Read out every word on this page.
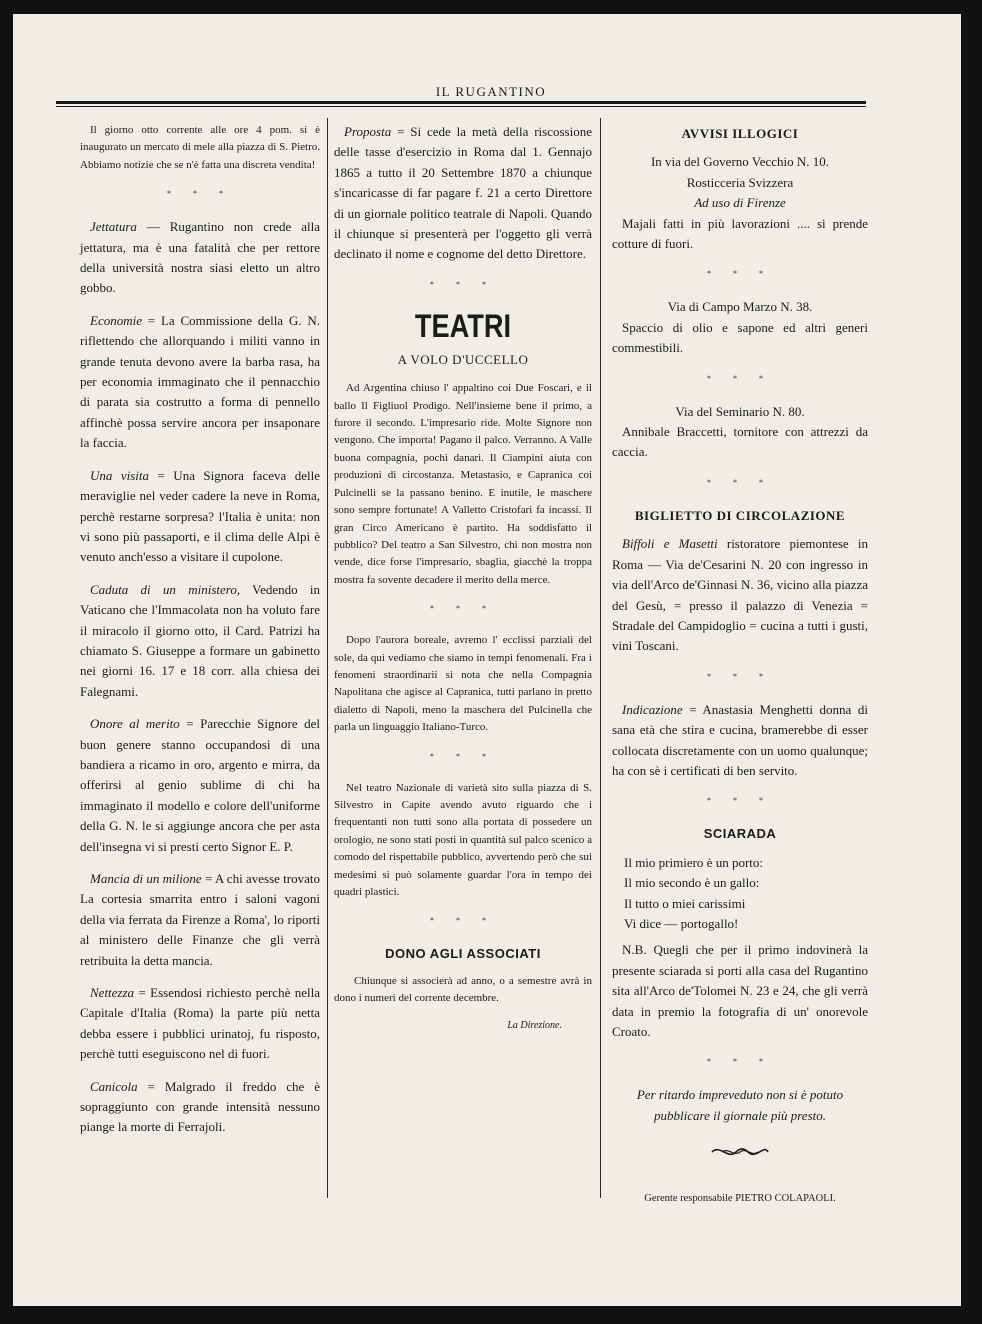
IL RUGANTINO

Il giorno otto corrente alle ore 4 pom. si è inaugurato un mercato di mele alla piazza di S. Pietro. Abbiamo notizie che se n'è fatta una discreta vendita!

* * *

Jettatura — Rugantino non crede alla jettatura, ma è una fatalità che per rettore della università nostra siasi eletto un altro gobbo.

Economie = La Commissione della G. N. riflettendo che allorquando i militi vanno in grande tenuta devono avere la barba rasa, ha per economia immaginato che il pennacchio di parata sia costrutto a forma di pennello affinchè possa servire ancora per insaponare la faccia.

Una visita = Una Signora faceva delle meraviglie nel veder cadere la neve in Roma, perchè restarne sorpresa? l'Italia è unita: non vi sono più passaporti, e il clima delle Alpi è venuto anch'esso a visitare il cupolone.

Caduta di un ministero, Vedendo in Vaticano che l'Immacolata non ha voluto fare il miracolo il giorno otto, il Card. Patrizi ha chiamato S. Giuseppe a formare un gabinetto nei giorni 16. 17 e 18 corr. alla chiesa dei Falegnami.

Onore al merito = Parecchie Signore del buon genere stanno occupandosi di una bandiera a ricamo in oro, argento e mirra, da offerirsi al genio sublime di chi ha immaginato il modello e colore dell'uniforme della G. N. le si aggiunge ancora che per asta dell'insegna vi si presti certo Signor E. P.

Mancia di un milione = A chi avesse trovato La cortesia smarrita entro i saloni vagoni della via ferrata da Firenze a Roma', lo riporti al ministero delle Finanze che gli verrà retribuita la detta mancia.

Nettezza = Essendosi richiesto perchè nella Capitale d'Italia (Roma) la parte più netta debba essere i pubblici urinatoj, fu risposto, perchè tutti eseguiscono nel di fuori.

Canicola = Malgrado il freddo che è sopraggiunto con grande intensità nessuno piange la morte di Ferrajoli.

Proposta = Si cede la metà della riscossione delle tasse d'esercizio in Roma dal 1. Gennajo 1865 a tutto il 20 Settembre 1870 a chiunque s'incaricasse di far pagare f. 21 a certo Direttore di un giornale politico teatrale di Napoli. Quando il chiunque si presenterà per l'oggetto gli verrà declinato il nome e cognome del detto Direttore.

* * *
TEATRI
A VOLO D'UCCELLO

Ad Argentina chiuso l' appaltino coi Due Foscari, e il ballo Il Figliuol Prodigo. Nell'insieme bene il primo, a furore il secondo. L'impresario ride. Molte Signore non vengono. Che importa! Pagano il palco. Verranno. A Valle buona compagnia, pochi danari. Il Ciampini aiuta con produzioni di circostanza. Metastasio, e Capranica coi Pulcinelli se la passano benino. E inutile, le maschere sono sempre fortunate! A Valletto Cristofari fa incassi. Il gran Circo Americano è partito. Ha soddisfatto il pubblico? Del teatro a San Silvestro, chi non mostra non vende, dice forse l'impresario, sbaglia, giacchè la troppa mostra fa sovente decadere il merito della merce.

* * *

Dopo l'aurora boreale, avremo l' ecclissi parziali del sole, da qui vediamo che siamo in tempi fenomenali. Fra i fenomeni straordinarii si nota che nella Compagnia Napolitana che agisce al Capranica, tutti parlano in pretto dialetto di Napoli, meno la maschera del Pulcinella che parla un linguaggio Italiano-Turco.

* * *

Nel teatro Nazionale di varietà sito sulla piazza di S. Silvestro in Capite avendo avuto riguardo che i frequentanti non tutti sono alla portata di possedere un orologio, ne sono stati posti in quantità sul palco scenico a comodo del rispettabile pubblico, avvertendo però che sui medesimi si può solamente guardar l'ora in tempo dei quadri plastici.

* * *
DONO AGLI ASSOCIATI

Chiunque si associerà ad anno, o a semestre avrà in dono i numeri del corrente decembre.

La Direzione.
AVVISI ILLOGICI

In via del Governo Vecchio N. 10.

Rosticceria Svizzera

Ad uso di Firenze

Majali fatti in più lavorazioni .... si prende cotture di fuori.

* * *

Via di Campo Marzo N. 38.

Spaccio di olio e sapone ed altri generi commestibili.

* * *

Via del Seminario N. 80.

Annibale Braccetti, tornitore con attrezzi da caccia.

* * *
BIGLIETTO DI CIRCOLAZIONE

Biffoli e Masetti ristoratore piemontese in Roma — Via de'Cesarini N. 20 con ingresso in via dell'Arco de'Ginnasi N. 36, vicino alla piazza del Gesù, = presso il palazzo di Venezia = Stradale del Campidoglio = cucina a tutti i gusti, vini Toscani.

* * *

Indicazione = Anastasia Menghetti donna di sana età che stira e cucina, bramerebbe di esser collocata discretamente con un uomo qualunque; ha con sè i certificati di ben servito.

* * *
SCIARADA

Il mio primiero è un porto:

Il mio secondo è un gallo:

Il tutto o miei carissimi

Vi dice — portogallo!

N.B. Quegli che per il primo indovinerà la presente sciarada si porti alla casa del Rugantino sita all'Arco de'Tolomei N. 23 e 24, che gli verrà data in premio la fotografia di un' onorevole Croato.

* * *

Per ritardo impreveduto non si è potuto pubblicare il giornale più presto.

Gerente responsabile PIETRO COLAPAOLI.
